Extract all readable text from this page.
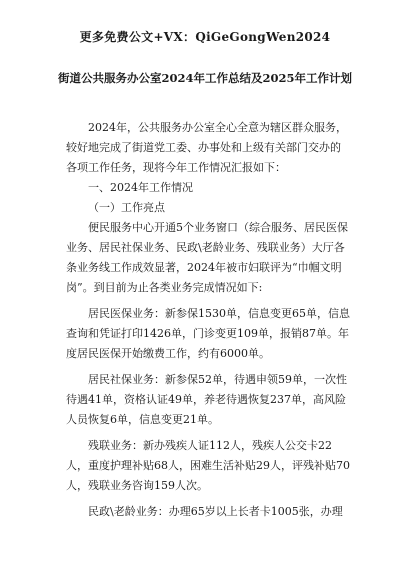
更多免费公文+VX：QiGeGongWen2024
街道公共服务办公室2024年工作总结及2025年工作计划

2024年，公共服务办公室全心全意为辖区群众服务，较好地完成了街道党工委、办事处和上级有关部门交办的各项工作任务，现将今年工作情况汇报如下：

一、2024年工作情况

（一）工作亮点

便民服务中心开通5个业务窗口（综合服务、居民医保业务、居民社保业务、民政\老龄业务、残联业务）大厅各条业务线工作成效显著，2024年被市妇联评为“巾帼文明岗”。到目前为止各类业务完成情况如下:

居民医保业务：新参保1530单，信息变更65单，信息查询和凭证打印1426单，门诊变更109单，报销87单。年度居民医保开始缴费工作，约有6000单。

居民社保业务：新参保52单，待遇申领59单，一次性待遇41单，资格认证49单，养老待遇恢复237单，高风险人员恢复6单，信息变更21单。

残联业务：新办残疾人证112人，残疾人公交卡22人，重度护理补贴68人，困难生活补贴29人，评残补贴70人，残联业务咨询159人次。

民政\老龄业务：办理65岁以上长者卡1005张，办理
